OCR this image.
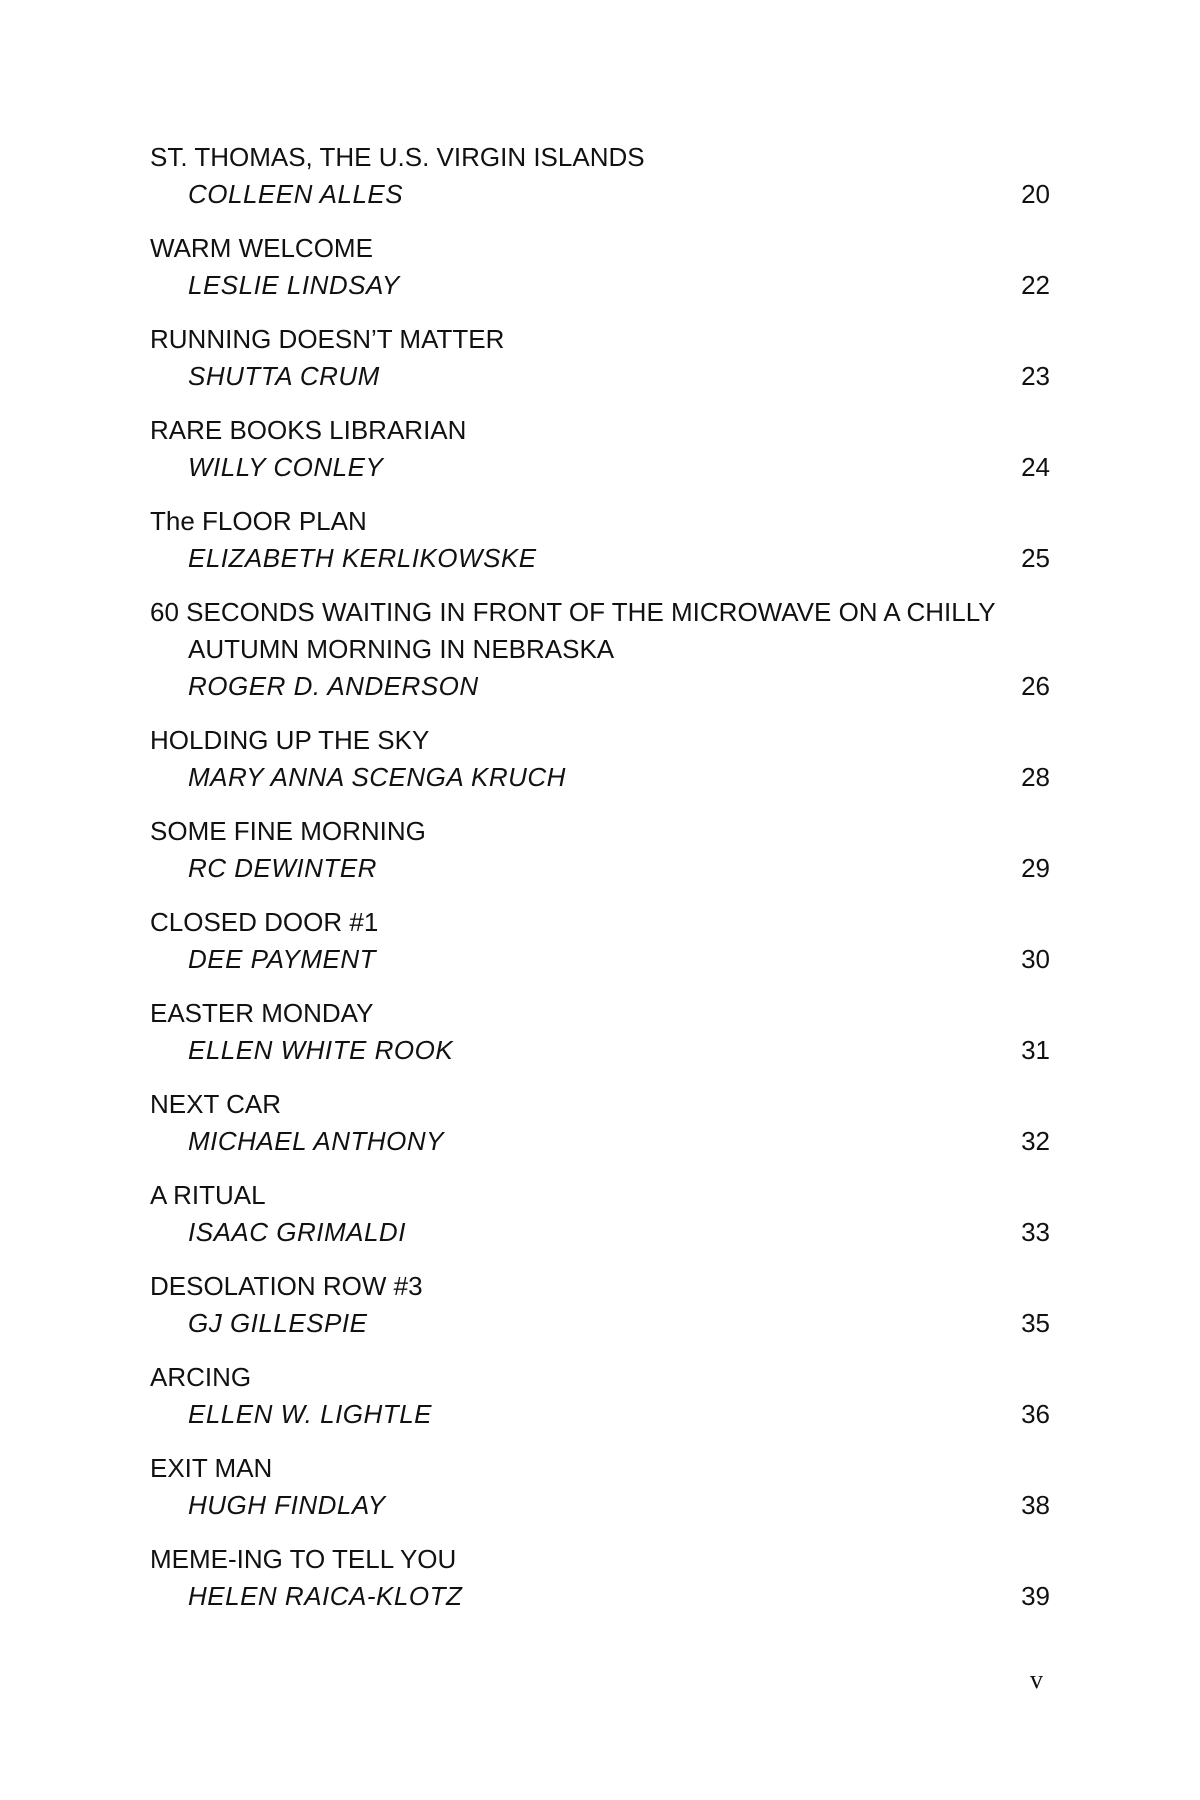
ST. THOMAS, THE U.S. VIRGIN ISLANDS
COLLEEN ALLES	20
WARM WELCOME
LESLIE LINDSAY	22
RUNNING DOESN’T MATTER
SHUTTA CRUM	23
RARE BOOKS LIBRARIAN
WILLY CONLEY	24
The FLOOR PLAN
ELIZABETH KERLIKOWSKE	25
60 SECONDS WAITING IN FRONT OF THE MICROWAVE ON A CHILLY
AUTUMN MORNING IN NEBRASKA
ROGER D. ANDERSON	26
HOLDING UP THE SKY
MARY ANNA SCENGA KRUCH	28
SOME FINE MORNING
RC DEWINTER	29
CLOSED DOOR #1
DEE PAYMENT	30
EASTER MONDAY
ELLEN WHITE ROOK	31
NEXT CAR
MICHAEL ANTHONY	32
A RITUAL
ISAAC GRIMALDI	33
DESOLATION ROW #3
GJ GILLESPIE	35
ARCING
ELLEN W. LIGHTLE	36
EXIT MAN
HUGH FINDLAY	38
MEME-ING TO TELL YOU
HELEN RAICA-KLOTZ	39
v
